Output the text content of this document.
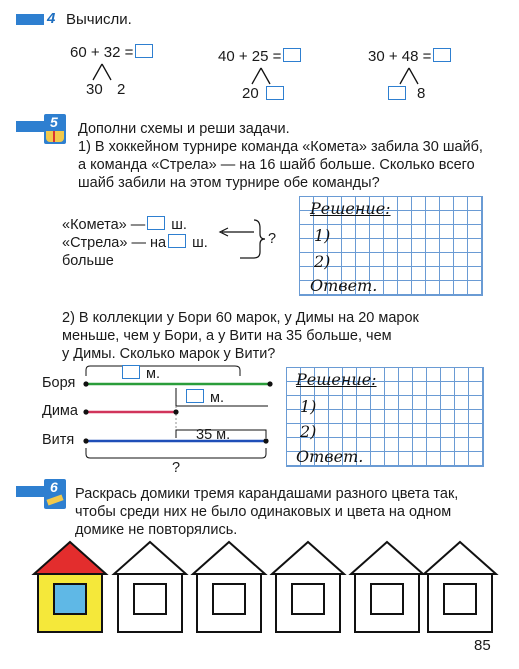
4 Вычисли.
60 + 32 =
30 2
40 + 25 =
20
30 + 48 =
8
5 Дополни схемы и реши задачи.
1) В хоккейном турнире команда «Комета» забила 30 шайб,
а команда «Стрела» — на 16 шайб больше. Сколько всего
шайб забили на этом турнире обе команды?
«Комета» — ш.
«Стрела» — на ш.
больше
?
Решение:
1)
2)
Ответ.
2) В коллекции у Бори 60 марок, у Димы на 20 марок
меньше, чем у Бори, а у Вити на 35 больше, чем
у Димы. Сколько марок у Вити?
Боря
Дима
Витя
м.
м.
35 м.
?
Решение:
1)
2)
Ответ.
6 Раскрась домики тремя карандашами разного цвета так,
чтобы среди них не было одинаковых и цвета на одном
домике не повторялись.
85
